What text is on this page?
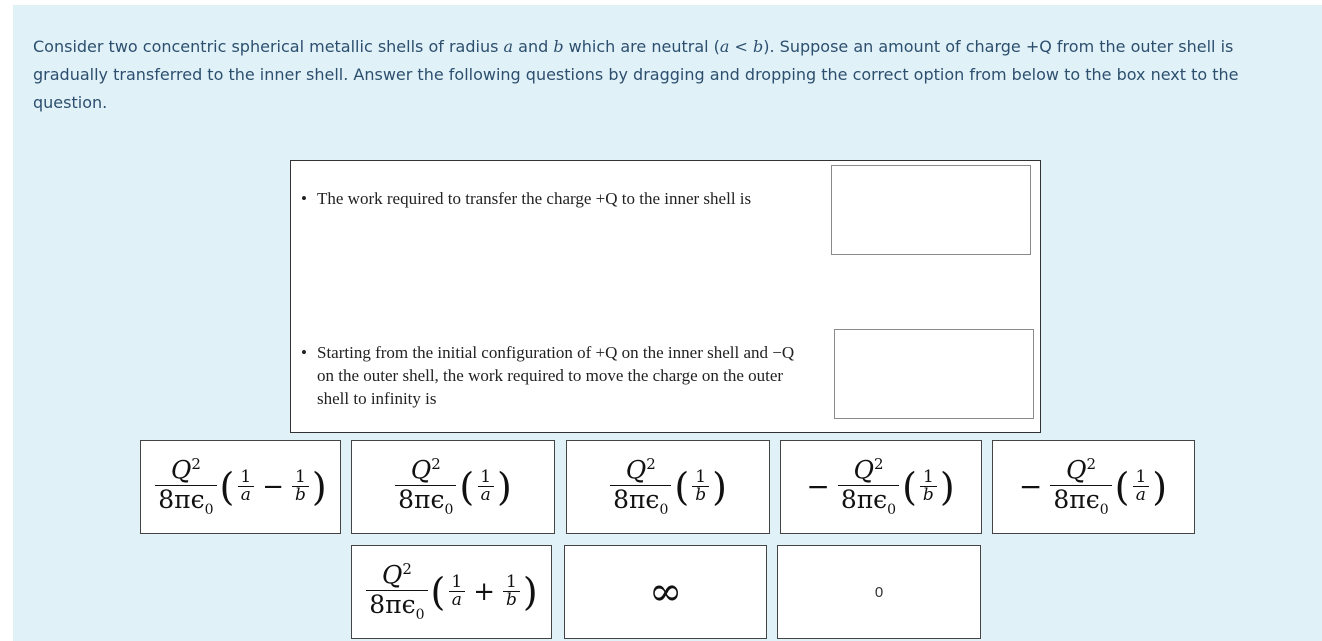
Consider two concentric spherical metallic shells of radius a and b which are neutral (a < b). Suppose an amount of charge +Q from the outer shell is gradually transferred to the inner shell. Answer the following questions by dragging and dropping the correct option from below to the box next to the question.
• The work required to transfer the charge +Q to the inner shell is
• Starting from the initial configuration of +Q on the inner shell and −Q on the outer shell, the work required to move the charge on the outer shell to infinity is
$\frac{Q^2}{8\pi\epsilon_0}$ ( $\frac{1}{a} - \frac{1}{b}$ )	$\frac{Q^2}{8\pi\epsilon_0}$ ( $\frac{1}{a}$ )	$\frac{Q^2}{8\pi\epsilon_0}$ ( $\frac{1}{b}$ )	− $\frac{Q^2}{8\pi\epsilon_0}$ ( $\frac{1}{b}$ ) − $\frac{Q^2}{8\pi\epsilon_0}$ ( $\frac{1}{a}$ )
$\frac{Q^2}{8\pi\epsilon_0}$ ( $\frac{1}{a} + \frac{1}{b}$ )	∞	0
